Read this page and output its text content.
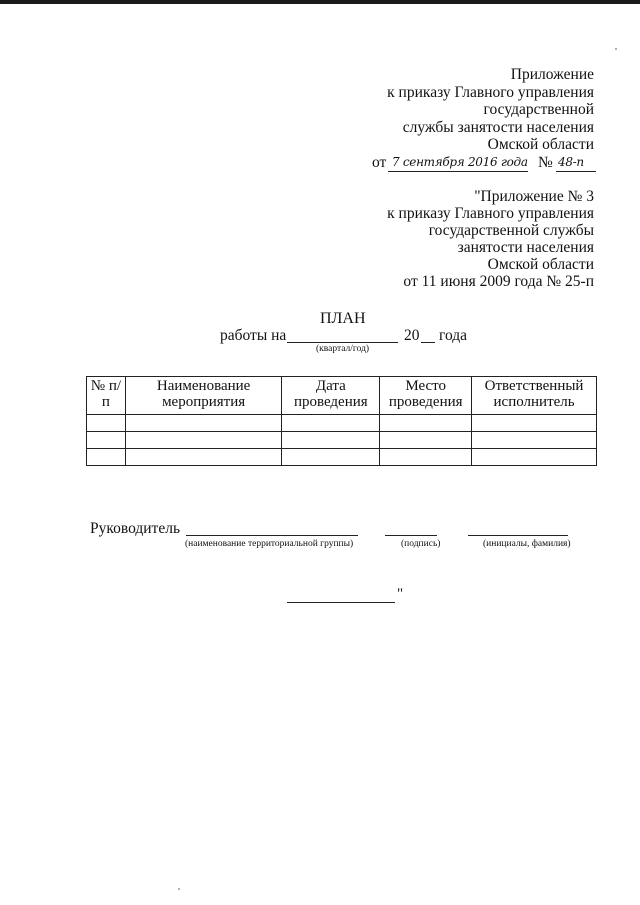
Приложение
к приказу Главного управления
государственной
службы занятости населения
Омской области
от 7 сентября 2016 года № 48-п
"Приложение № 3
к приказу Главного управления
государственной службы
занятости населения
Омской области
от 11 июня 2009 года № 25-п
ПЛАН
работы на	20 года
(квартал/год)
№ п/п	Наименование мероприятия	Дата проведения	Место проведения	Ответственный исполнитель

Руководитель
(наименование территориальной группы)	(подпись)	(инициалы, фамилия)
"
